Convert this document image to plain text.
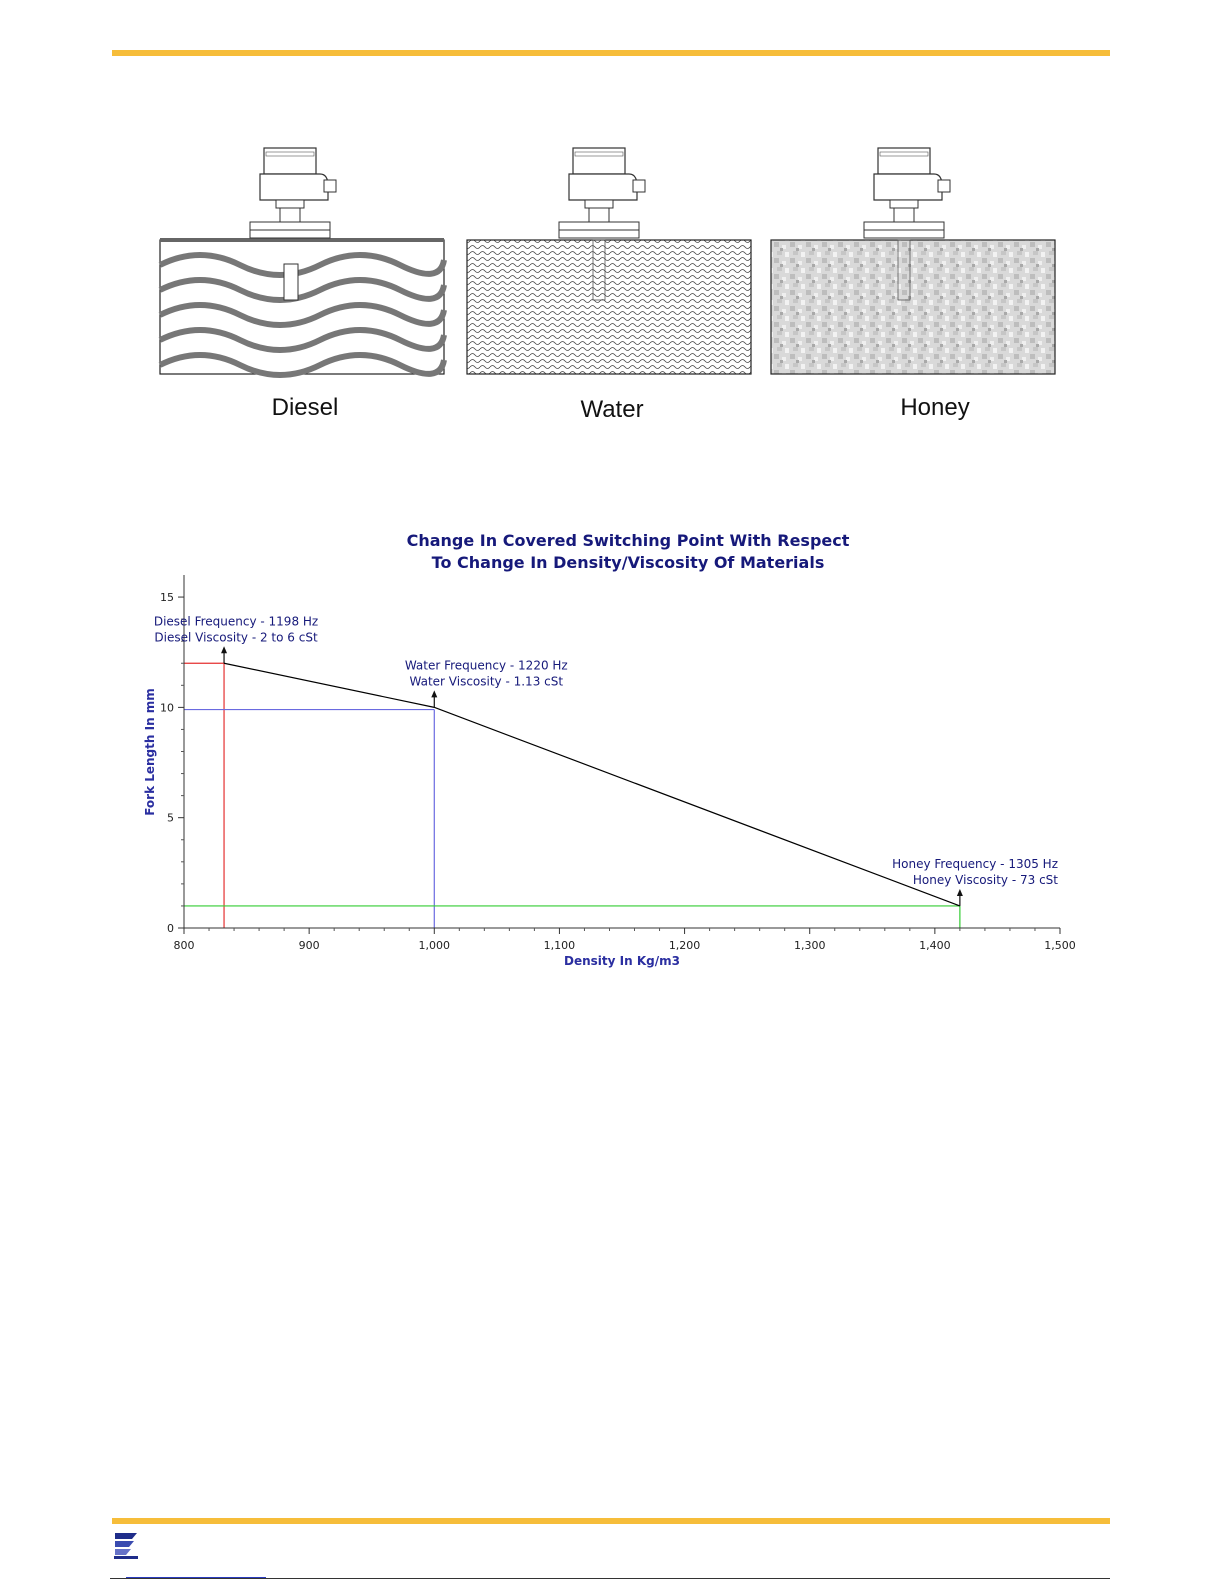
Diesel	Water	Honey
Change In Covered Switching Point With Respect
To Change In Density/Viscosity Of Materials
800	900	1,000	1,100	1,200	1,300	1,400	1,500
0
5
10
15
Diesel Frequency - 1198 Hz
Diesel Viscosity - 2 to 6 cSt
Water Frequency - 1220 Hz
Water Viscosity - 1.13 cSt
Honey Frequency - 1305 Hz
Honey Viscosity - 73 cSt
Density In Kg/m3
Fork Length In mm
